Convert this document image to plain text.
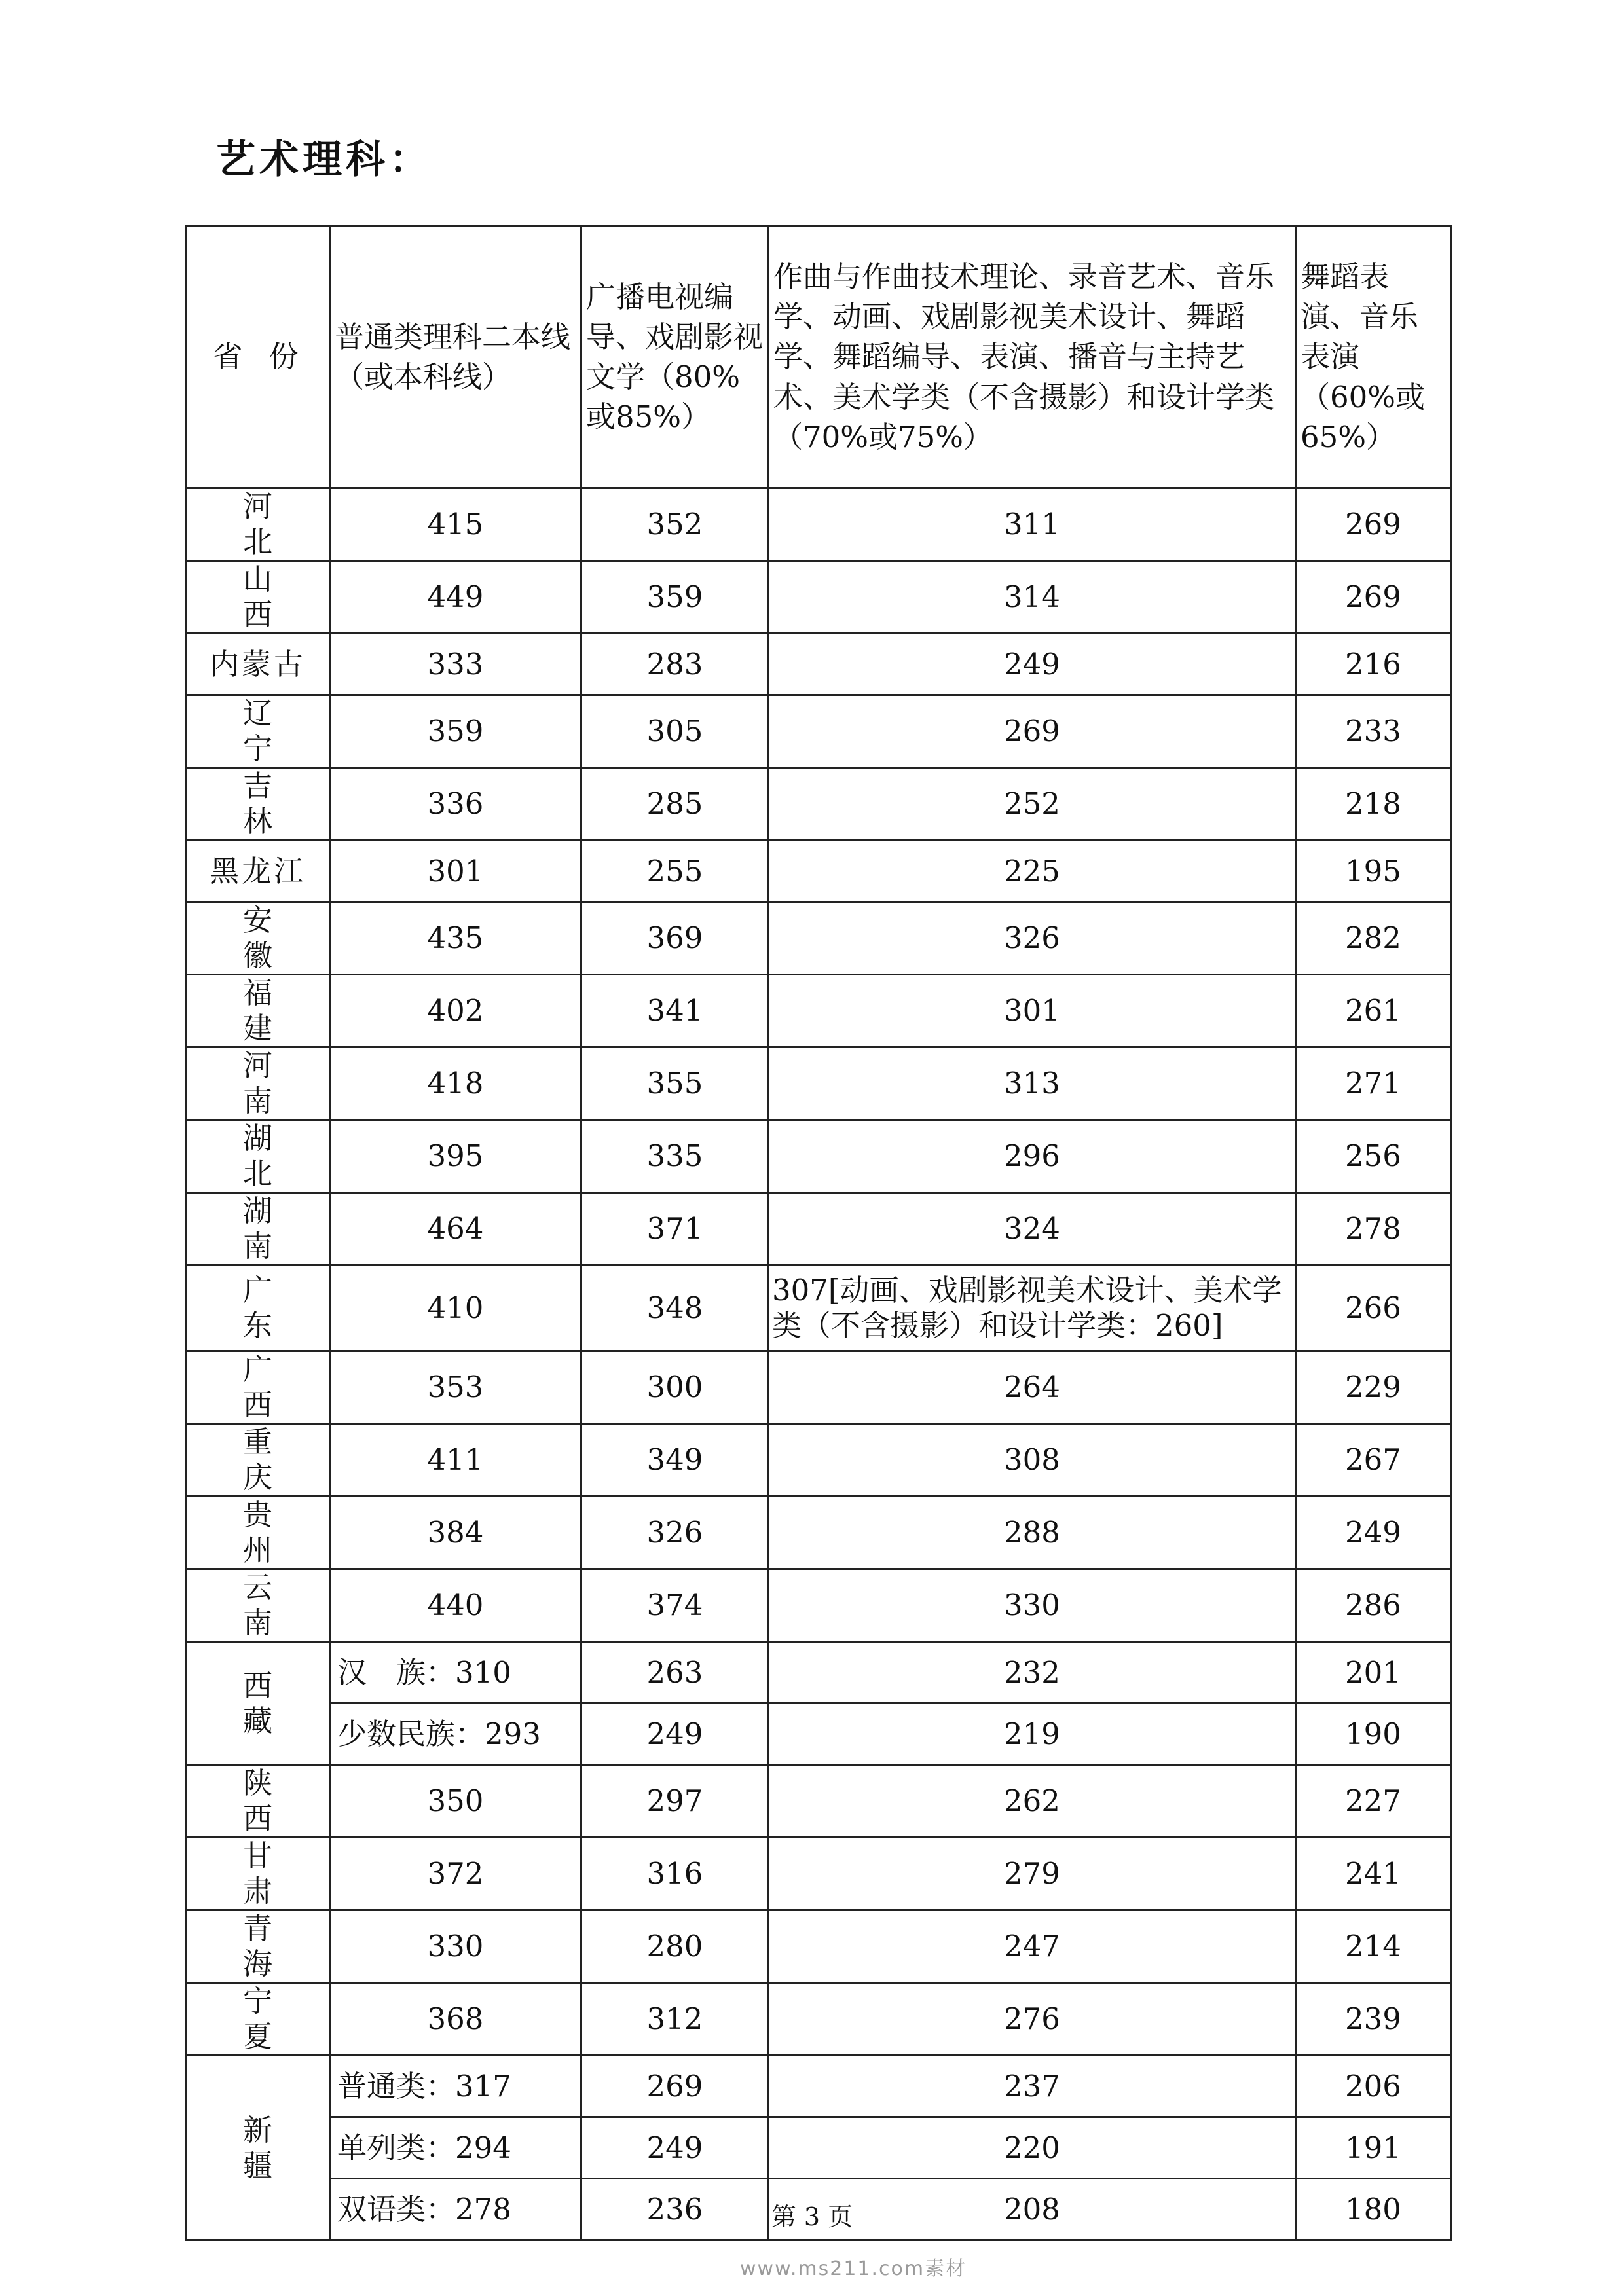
艺术理科：
省份	普通类理科二本线（或本科线）	广播电视编导、戏剧影视文学（80%或85%）	作曲与作曲技术理论、录音艺术、音乐学、动画、戏剧影视美术设计、舞蹈学、舞蹈编导、表演、播音与主持艺术、美术学类（不含摄影）和设计学类（70%或75%）	舞蹈表演、音乐表演（60%或65%）
河北	415	352	311	269
山西	449	359	314	269
内蒙古	333	283	249	216
辽宁	359	305	269	233
吉林	336	285	252	218
黑龙江	301	255	225	195
安徽	435	369	326	282
福建	402	341	301	261
河南	418	355	313	271
湖北	395	335	296	256
湖南	464	371	324	278
广东	410	348	307[动画、戏剧影视美术设计、美术学类（不含摄影）和设计学类：260]	266
广西	353	300	264	229
重庆	411	349	308	267
贵州	384	326	288	249
云南	440	374	330	286
西藏	汉　族：310	263	232	201
	少数民族：293	249	219	190
陕西	350	297	262	227
甘肃	372	316	279	241
青海	330	280	247	214
宁夏	368	312	276	239
新疆	普通类：317	269	237	206
	单列类：294	249	220	191
	双语类：278	236	208	180
第 3 页
www.ms211.com素材
